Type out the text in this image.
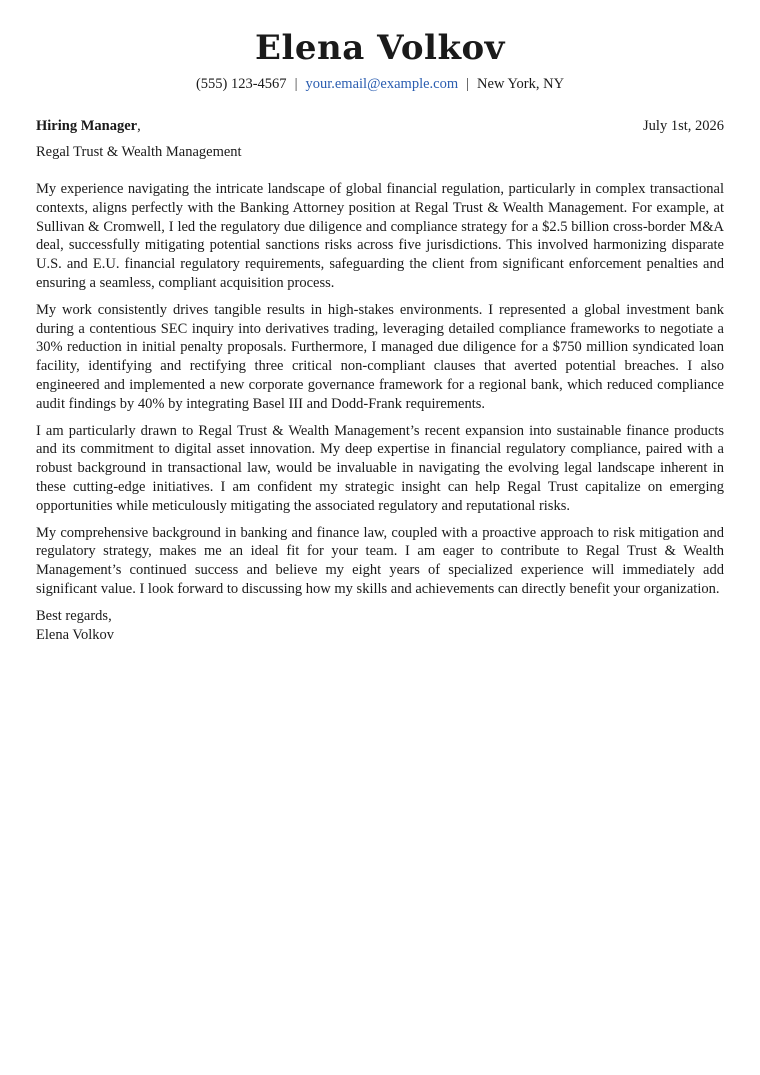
Elena Volkov
(555) 123-4567 | your.email@example.com | New York, NY
Hiring Manager,	July 1st, 2026
Regal Trust & Wealth Management

My experience navigating the intricate landscape of global financial regulation, particularly in complex transactional contexts, aligns perfectly with the Banking Attorney position at Regal Trust & Wealth Management. For example, at Sullivan & Cromwell, I led the regulatory due diligence and compliance strategy for a $2.5 billion cross-border M&A deal, successfully mitigating potential sanctions risks across five jurisdictions. This involved harmonizing disparate U.S. and E.U. financial regulatory requirements, safeguarding the client from significant enforcement penalties and ensuring a seamless, compliant acquisition process.

My work consistently drives tangible results in high-stakes environments. I represented a global investment bank during a contentious SEC inquiry into derivatives trading, leveraging detailed compliance frameworks to negotiate a 30% reduction in initial penalty proposals. Furthermore, I managed due diligence for a $750 million syndicated loan facility, identifying and rectifying three critical non-compliant clauses that averted potential breaches. I also engineered and implemented a new corporate governance framework for a regional bank, which reduced compliance audit findings by 40% by integrating Basel III and Dodd-Frank requirements.

I am particularly drawn to Regal Trust & Wealth Management’s recent expansion into sustainable finance products and its commitment to digital asset innovation. My deep expertise in financial regulatory compliance, paired with a robust background in transactional law, would be invaluable in navigating the evolving legal landscape inherent in these cutting-edge initiatives. I am confident my strategic insight can help Regal Trust capitalize on emerging opportunities while meticulously mitigating the associated regulatory and reputational risks.

My comprehensive background in banking and finance law, coupled with a proactive approach to risk mitigation and regulatory strategy, makes me an ideal fit for your team. I am eager to contribute to Regal Trust & Wealth Management’s continued success and believe my eight years of specialized experience will immediately add significant value. I look forward to discussing how my skills and achievements can directly benefit your organization.

Best regards,
Elena Volkov
